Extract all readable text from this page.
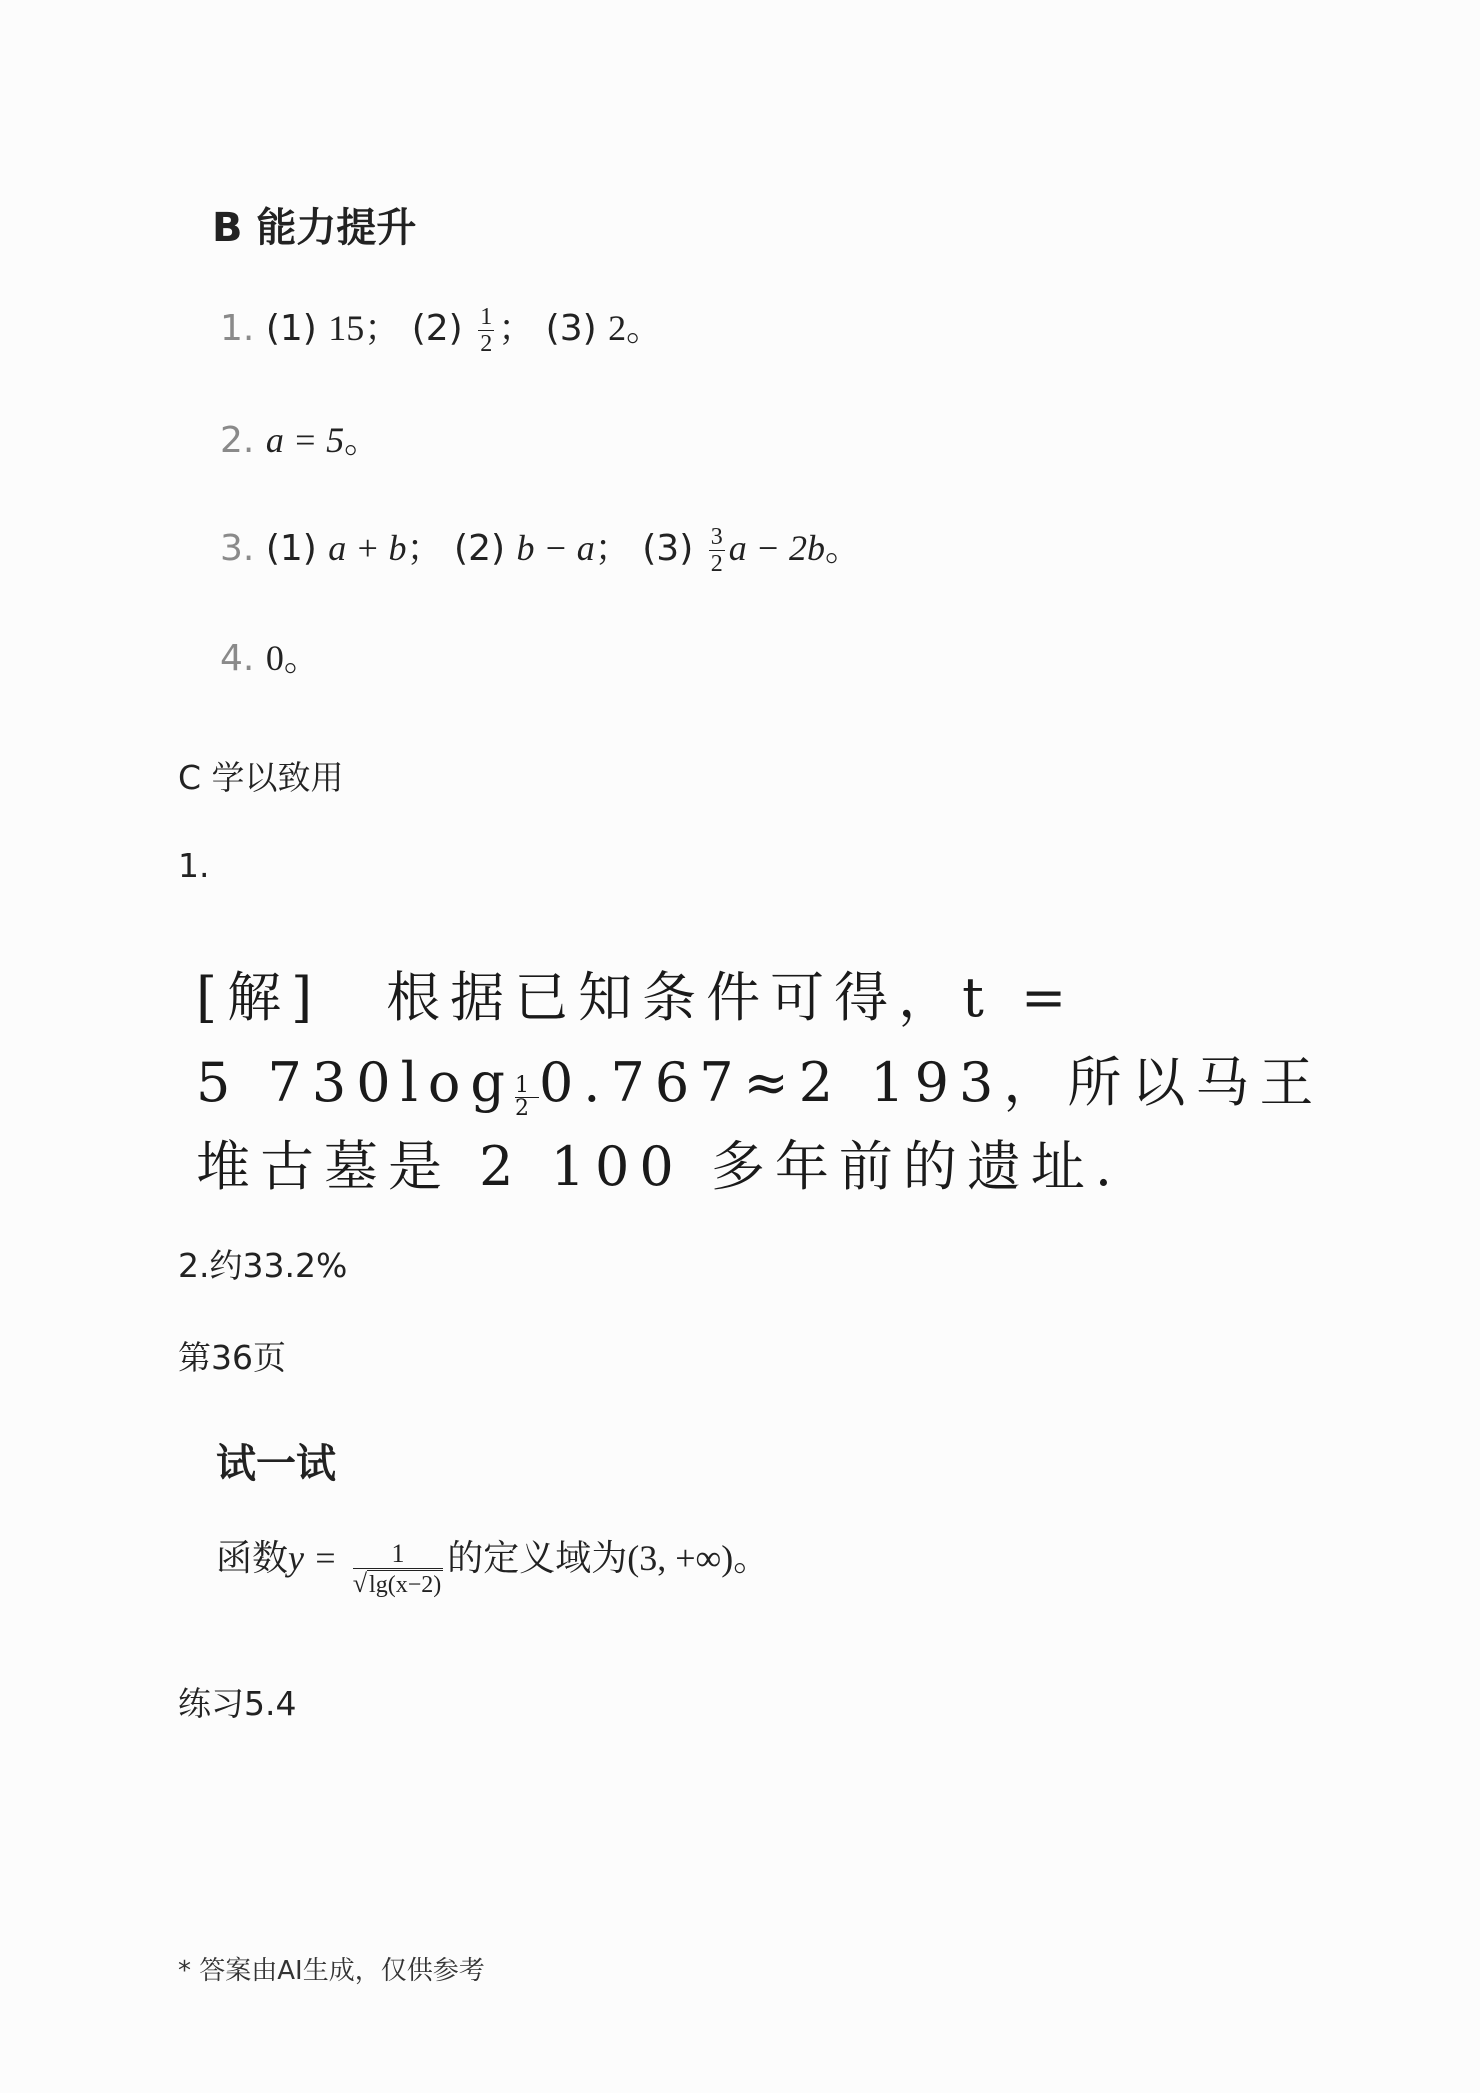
B 能力提升
1. (1) 15； $(2) \frac{1}{2}$ ； (3) 2。
2. a = 5。
3. (1) a + b； (2) b − a； $(3) \frac{3}{2}$ a − 2b。
4. 0。
C 学以致用
1.
[解]　根据已知条件可得，t =
5 $730\log \frac{1}{2} 0.767\approx 2$ 193，所以马王
堆古墓是 2 100 多年前的遗址.
2.约33.2%
第36页
试一试
函数$y = \frac{1}{√\lg(x-2)}$ 的定义域为(3, +∞)。
练习5.4
* 答案由AI生成，仅供参考
